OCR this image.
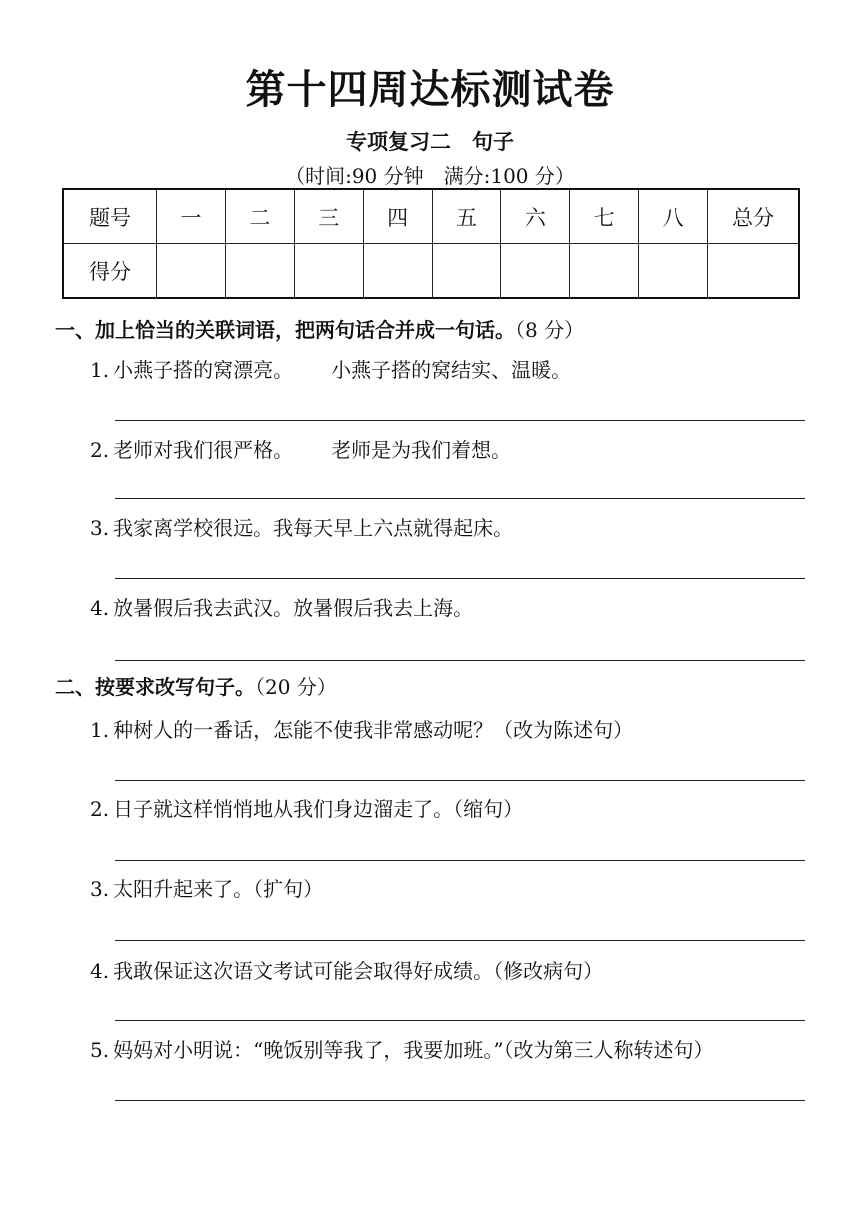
第十四周达标测试卷

专项复习二　句子

（时间:90 分钟　满分:100 分）

题号	一	二	三	四	五	六	七	八	总分
得分									

一、加上恰当的关联词语，把两句话合并成一句话。（8 分）

1. 小燕子搭的窝漂亮。 小燕子搭的窝结实、温暖。

2. 老师对我们很严格。 老师是为我们着想。

3. 我家离学校很远。我每天早上六点就得起床。

4. 放暑假后我去武汉。放暑假后我去上海。

二、按要求改写句子。（20 分）

1. 种树人的一番话，怎能不使我非常感动呢？（改为陈述句）

2. 日子就这样悄悄地从我们身边溜走了。（缩句）

3. 太阳升起来了。（扩句）

4. 我敢保证这次语文考试可能会取得好成绩。（修改病句）

5. 妈妈对小明说：“晚饭别等我了，我要加班。”（改为第三人称转述句）
